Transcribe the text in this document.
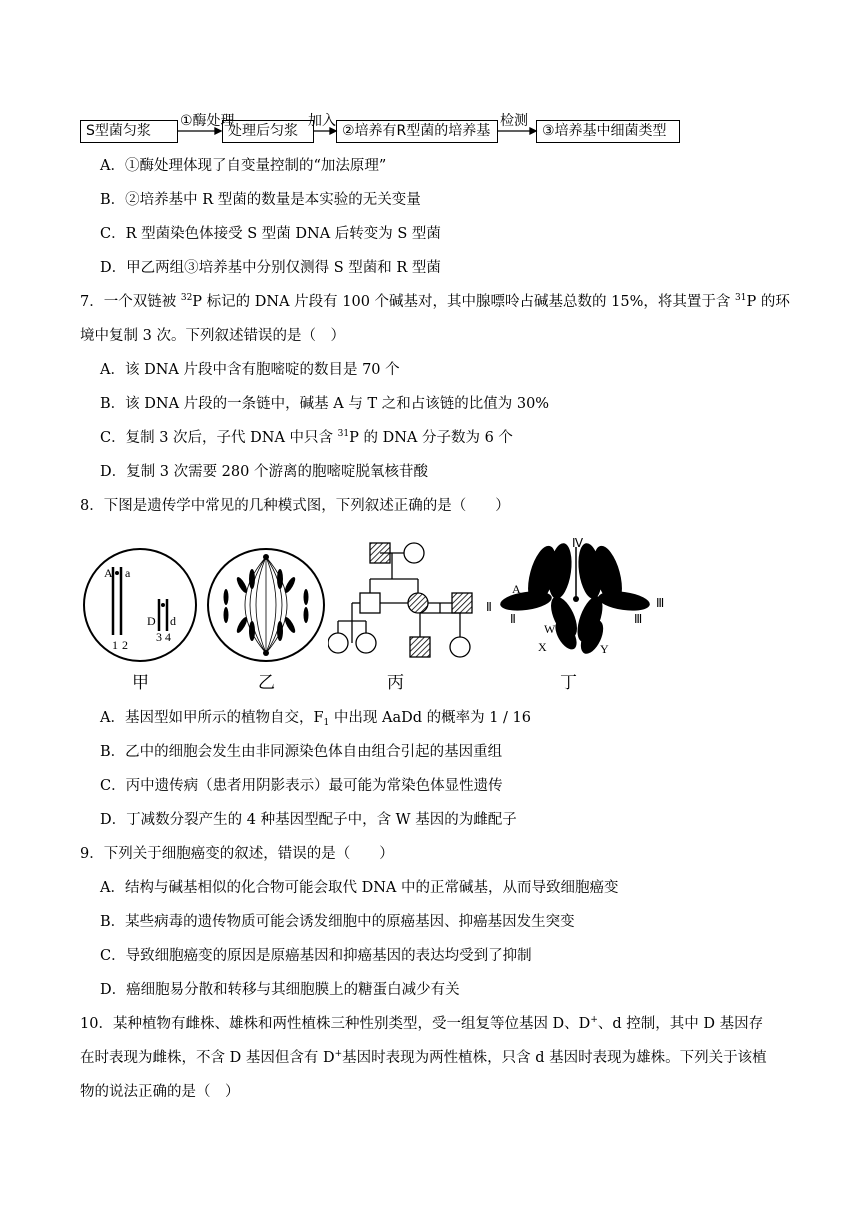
S型菌匀浆
①酶处理
处理后匀浆
加入
②培养有R型菌的培养基
检测
③培养基中细菌类型
A．①酶处理体现了自变量控制的“加法原理”
B．②培养基中 R 型菌的数量是本实验的无关变量
C．R 型菌染色体接受 S 型菌 DNA 后转变为 S 型菌
D．甲乙两组③培养基中分别仅测得 S 型菌和 R 型菌
7．一个双链被 $^{32}$P 标记的 DNA 片段有 100 个碱基对，其中腺嘌呤占碱基总数的 15%，将其置于含 $^{31}$P 的环
境中复制 3 次。下列叙述错误的是（　）
A．该 DNA 片段中含有胞嘧啶的数目是 70 个
B．该 DNA 片段的一条链中，碱基 A 与 T 之和占该链的比值为 30%
C．复制 3 次后，子代 DNA 中只含 $^{31}$P 的 DNA 分子数为 6 个
D．复制 3 次需要 280 个游离的胞嘧啶脱氧核苷酸
8．下图是遗传学中常见的几种模式图，下列叙述正确的是（　　）
A a
1 2
D d
3 4
甲	乙	丙
Ⅳ
Ⅱ
Ⅱ
Ⅲ
Ⅲ
A
a
W
X	Y
丁
A．基因型如甲所示的植物自交，$F_1$ 中出现 AaDd 的概率为 1 / 16
B．乙中的细胞会发生由非同源染色体自由组合引起的基因重组
C．丙中遗传病（患者用阴影表示）最可能为常染色体显性遗传
D．丁减数分裂产生的 4 种基因型配子中，含 W 基因的为雌配子
9．下列关于细胞癌变的叙述，错误的是（　　）
A．结构与碱基相似的化合物可能会取代 DNA 中的正常碱基，从而导致细胞癌变
B．某些病毒的遗传物质可能会诱发细胞中的原癌基因、抑癌基因发生突变
C．导致细胞癌变的原因是原癌基因和抑癌基因的表达均受到了抑制
D．癌细胞易分散和转移与其细胞膜上的糖蛋白减少有关
10．某种植物有雌株、雄株和两性植株三种性别类型，受一组复等位基因 D、D+、d 控制，其中 D 基因存
在时表现为雌株，不含 D 基因但含有 D+基因时表现为两性植株，只含 d 基因时表现为雄株。下列关于该植
物的说法正确的是（　）
